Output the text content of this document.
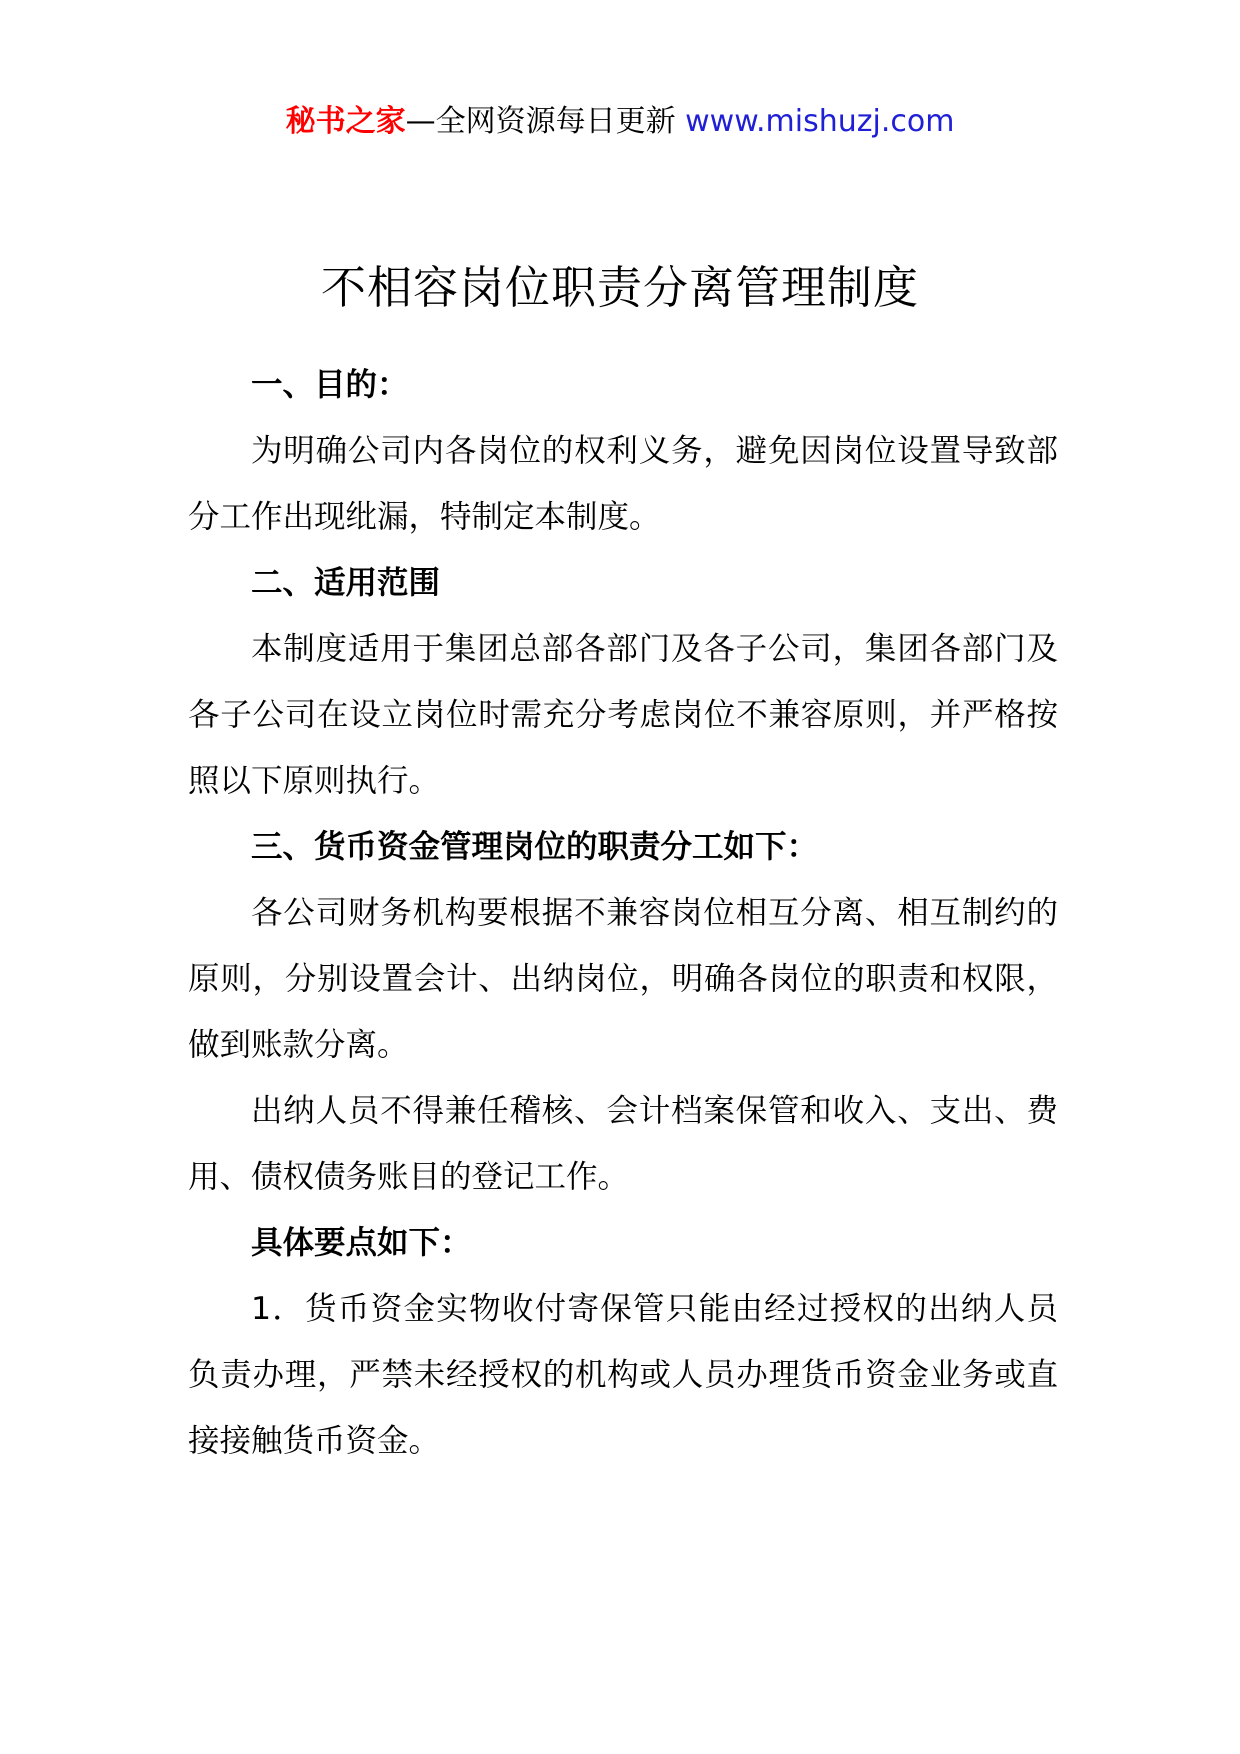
秘书之家—全网资源每日更新 www.mishuzj.com
不相容岗位职责分离管理制度

一、目的：

为明确公司内各岗位的权利义务，避免因岗位设置导致部分工作出现纰漏，特制定本制度。

二、适用范围

本制度适用于集团总部各部门及各子公司，集团各部门及各子公司在设立岗位时需充分考虑岗位不兼容原则，并严格按照以下原则执行。

三、货币资金管理岗位的职责分工如下：

各公司财务机构要根据不兼容岗位相互分离、相互制约的原则，分别设置会计、出纳岗位，明确各岗位的职责和权限，做到账款分离。

出纳人员不得兼任稽核、会计档案保管和收入、支出、费用、债权债务账目的登记工作。

具体要点如下：

1．货币资金实物收付寄保管只能由经过授权的出纳人员负责办理，严禁未经授权的机构或人员办理货币资金业务或直接接触货币资金。
